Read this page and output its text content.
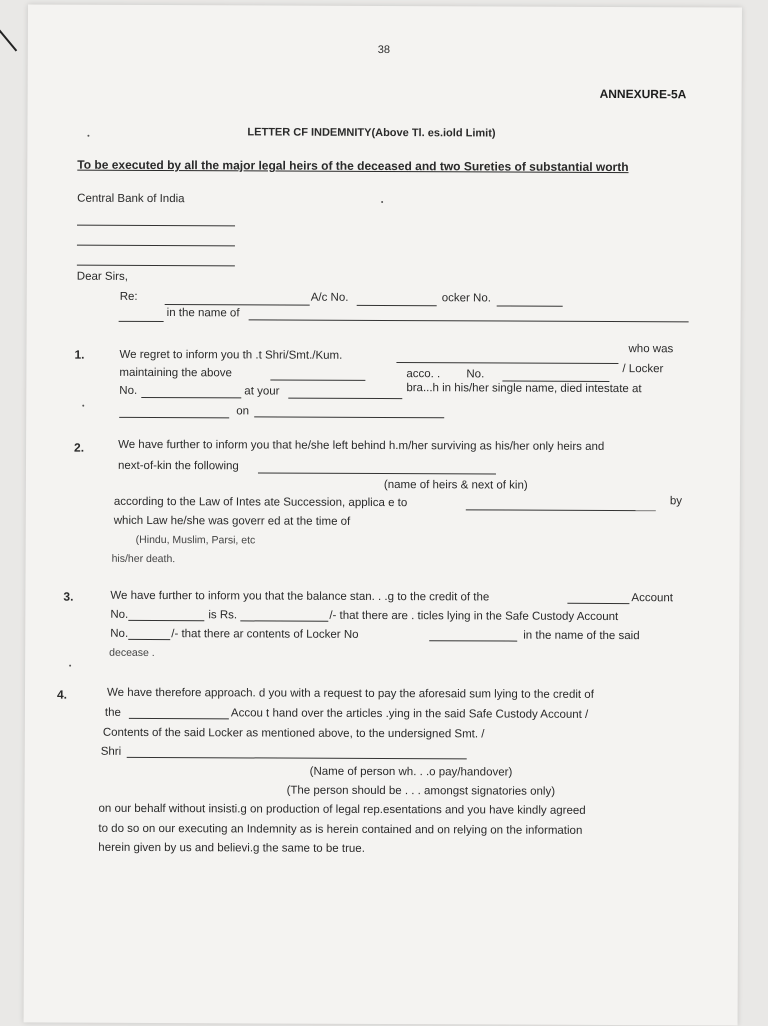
38
ANNEXURE-5A
LETTER CF INDEMNITY(Above Tl. es.iold Limit)
To be executed by all the major legal heirs of the deceased and two Sureties of substantial worth
Central Bank of India
Dear Sirs,
Re:	A/c No.	ocker No.
in the name of
1.	We regret to inform you th .t Shri/Smt./Kum.	who was
maintaining the above	acco. . No.	/ Locker
No.	at your	bra...h in his/her single name, died intestate at
on
2.	We have further to inform you that he/she left behind h.m/her surviving as his/her only heirs and
next-of-kin the following
(name of heirs & next of kin)
according to the Law of Intes ate Succession, applica e to	by
which Law he/she was goverr ed at the time of
(Hindu, Muslim, Parsi, etc
his/her death.
3.	We have further to inform you that the balance stan. . .g to the credit of the	Account
No.	is Rs.	/- that there are . ticles lying in the Safe Custody Account
No.	/- that there ar contents of Locker No	in the name of the said
decease .
4.	We have therefore approach. d you with a request to pay the aforesaid sum lying to the credit of
the	Accou t hand over the articles .ying in the said Safe Custody Account /
Contents of the said Locker as mentioned above, to the undersigned Smt. /
Shri
(Name of person wh. . .o pay/handover)
(The person should be . . . amongst signatories only)
on our behalf without insisti.g on production of legal rep.esentations and you have kindly agreed
to do so on our executing an Indemnity as is herein contained and on relying on the information
herein given by us and believi.g the same to be true.
